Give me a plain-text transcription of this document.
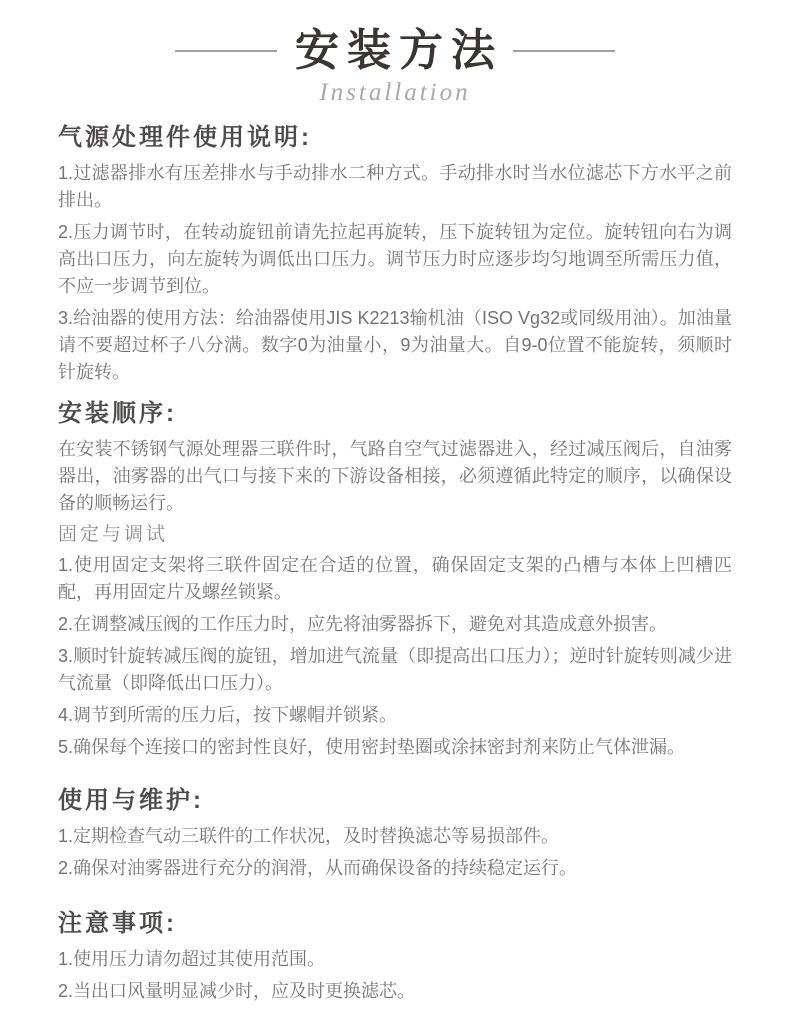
安装方法
Installation
气源处理件使用说明:

1.过滤器排水有压差排水与手动排水二种方式。手动排水时当水位滤芯下方水平之前排出。

2.压力调节时，在转动旋钮前请先拉起再旋转，压下旋转钮为定位。旋转钮向右为调高出口压力，向左旋转为调低出口压力。调节压力时应逐步均匀地调至所需压力值，不应一步调节到位。

3.给油器的使用方法：给油器使用JIS K2213输机油（ISO Vg32或同级用油）。加油量请不要超过杯子八分满。数字0为油量小，9为油量大。自9-0位置不能旋转，须顺时针旋转。

安装顺序:

在安装不锈钢气源处理器三联件时，气路自空气过滤器进入，经过减压阀后，自油雾器出，油雾器的出气口与接下来的下游设备相接，必须遵循此特定的顺序，以确保设备的顺畅运行。

固定与调试

1.使用固定支架将三联件固定在合适的位置，确保固定支架的凸槽与本体上凹槽匹配，再用固定片及螺丝锁紧。

2.在调整减压阀的工作压力时，应先将油雾器拆下，避免对其造成意外损害。

3.顺时针旋转减压阀的旋钮，增加进气流量（即提高出口压力）；逆时针旋转则减少进气流量（即降低出口压力）。

4.调节到所需的压力后，按下螺帽并锁紧。

5.确保每个连接口的密封性良好，使用密封垫圈或涂抹密封剂来防止气体泄漏。

使用与维护:

1.定期检查气动三联件的工作状况，及时替换滤芯等易损部件。

2.确保对油雾器进行充分的润滑，从而确保设备的持续稳定运行。

注意事项:

1.使用压力请勿超过其使用范围。

2.当出口风量明显减少时，应及时更换滤芯。
